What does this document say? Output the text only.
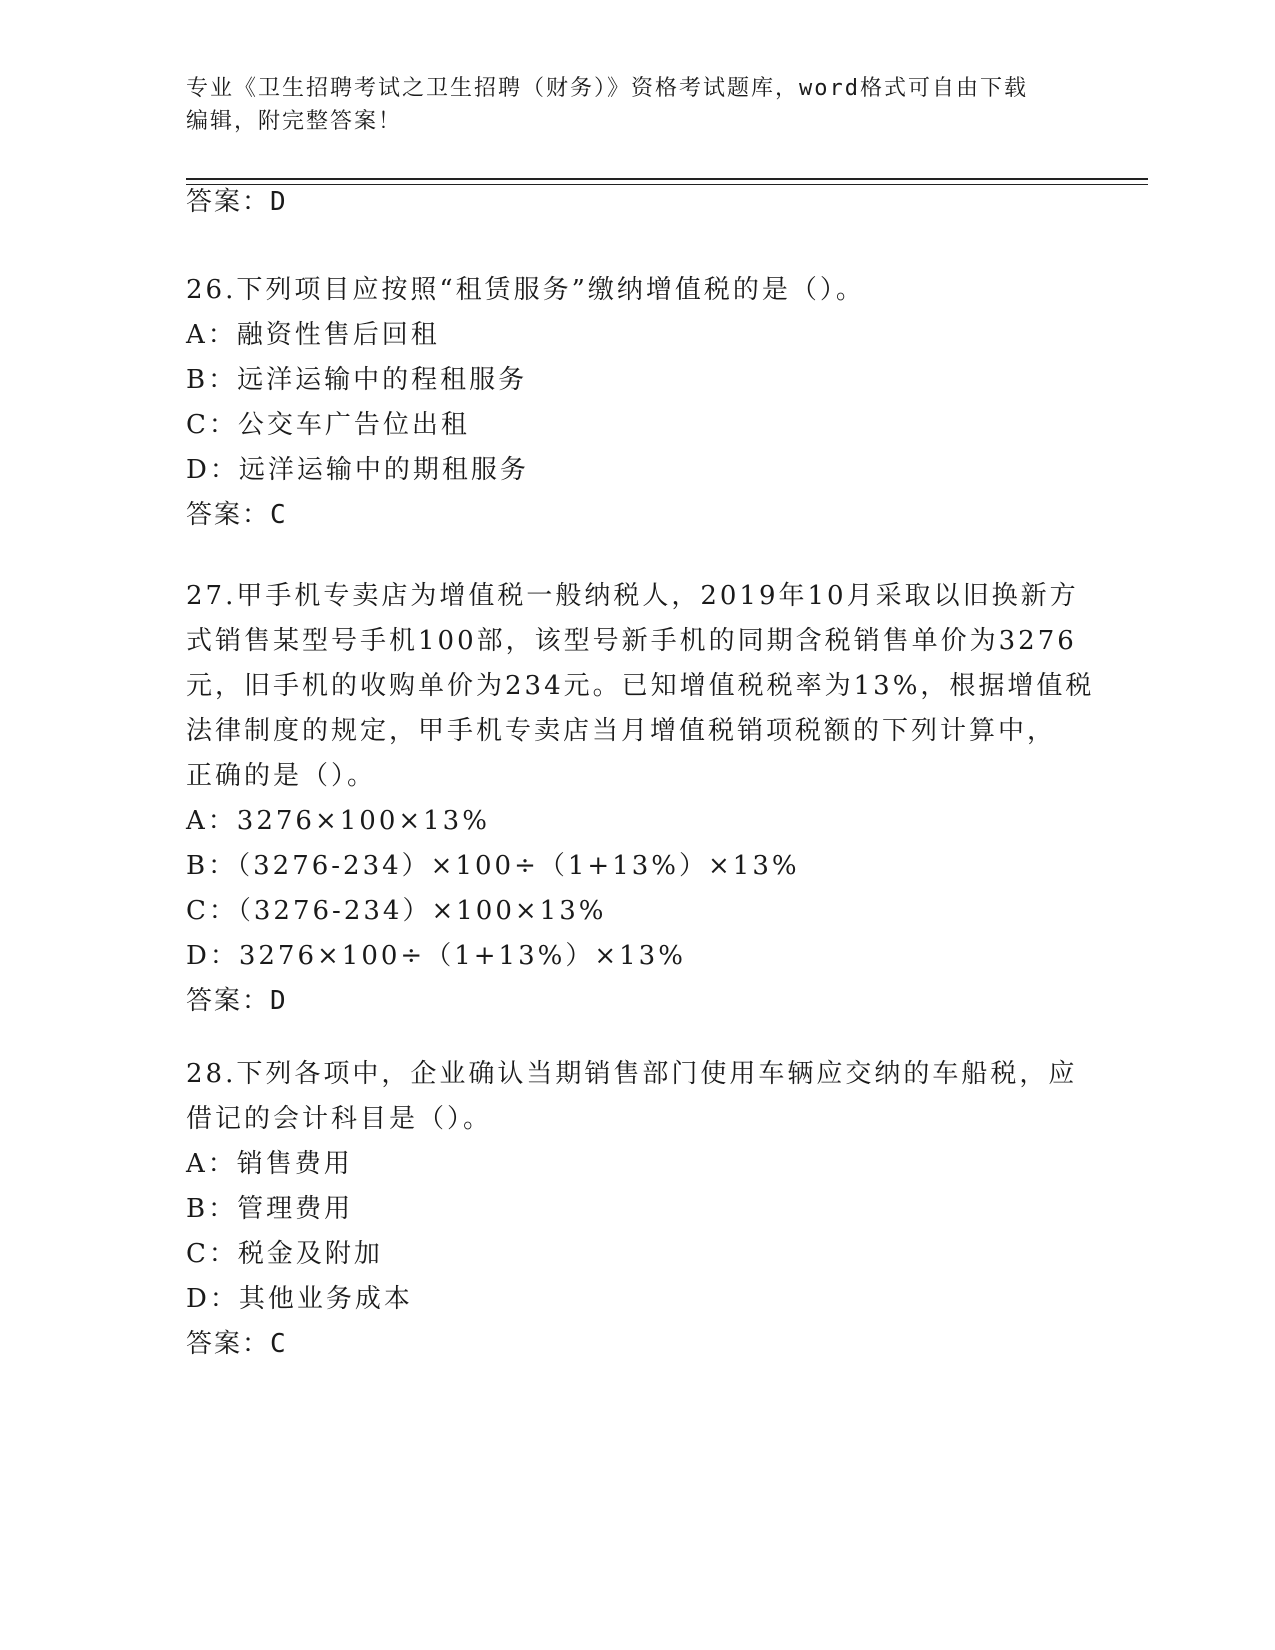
专业《卫生招聘考试之卫生招聘（财务）》资格考试题库，word格式可自由下载
编辑，附完整答案！
答案：D
26.下列项目应按照“租赁服务”缴纳增值税的是（）。
A：融资性售后回租
B：远洋运输中的程租服务
C：公交车广告位出租
D：远洋运输中的期租服务
答案：C
27.甲手机专卖店为增值税一般纳税人，2019年10月采取以旧换新方
式销售某型号手机100部，该型号新手机的同期含税销售单价为3276
元，旧手机的收购单价为234元。已知增值税税率为13%，根据增值税
法律制度的规定，甲手机专卖店当月增值税销项税额的下列计算中，
正确的是（）。
A：3276×100×13%
B：（3276-234）×100÷（1+13%）×13%
C：（3276-234）×100×13%
D：3276×100÷（1+13%）×13%
答案：D
28.下列各项中，企业确认当期销售部门使用车辆应交纳的车船税，应
借记的会计科目是（）。
A：销售费用
B：管理费用
C：税金及附加
D：其他业务成本
答案：C
